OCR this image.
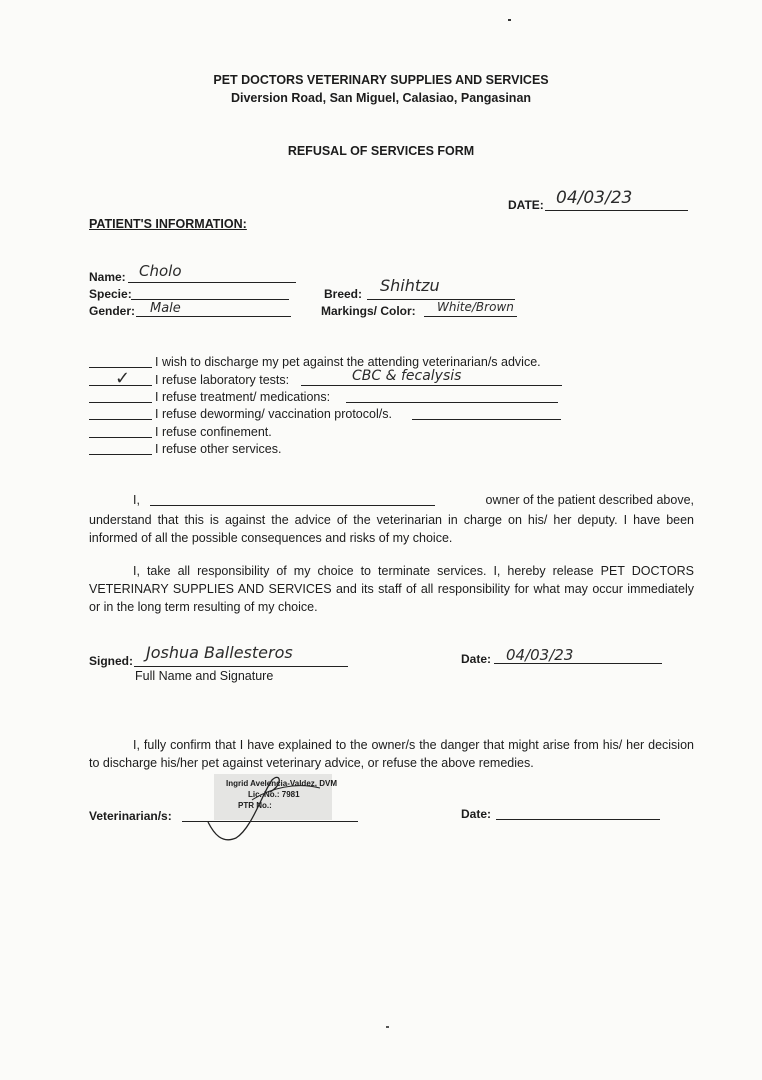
PET DOCTORS VETERINARY SUPPLIES AND SERVICES
Diversion Road, San Miguel, Calasiao, Pangasinan
REFUSAL OF SERVICES FORM
DATE: 04/03/23
PATIENT'S INFORMATION:
Name: Cholo
Specie:
Gender: Male
Breed: Shihtzu
Markings/ Color: White/Brown
I wish to discharge my pet against the attending veterinarian/s advice.
✓ I refuse laboratory tests:	CBC & fecalysis
I refuse treatment/ medications:
I refuse deworming/ vaccination protocol/s.
I refuse confinement.
I refuse other services.
I,	owner of the patient described above,
understand that this is against the advice of the veterinarian in charge on his/ her deputy. I have been informed of all the possible consequences and risks of my choice.
I, take all responsibility of my choice to terminate services. I, hereby release PET DOCTORS VETERINARY SUPPLIES AND SERVICES and its staff of all responsibility for what may occur immediately or in the long term resulting of my choice.
Signed: Joshua Ballesteros
Full Name and Signature
Date: 04/03/23
I, fully confirm that I have explained to the owner/s the danger that might arise from his/ her decision to discharge his/her pet against veterinary advice, or refuse the above remedies.
Ingrid Avelencia-Valdez, DVM
Lic. No.: 7981
PTR No.:
Veterinarian/s:	Date:
